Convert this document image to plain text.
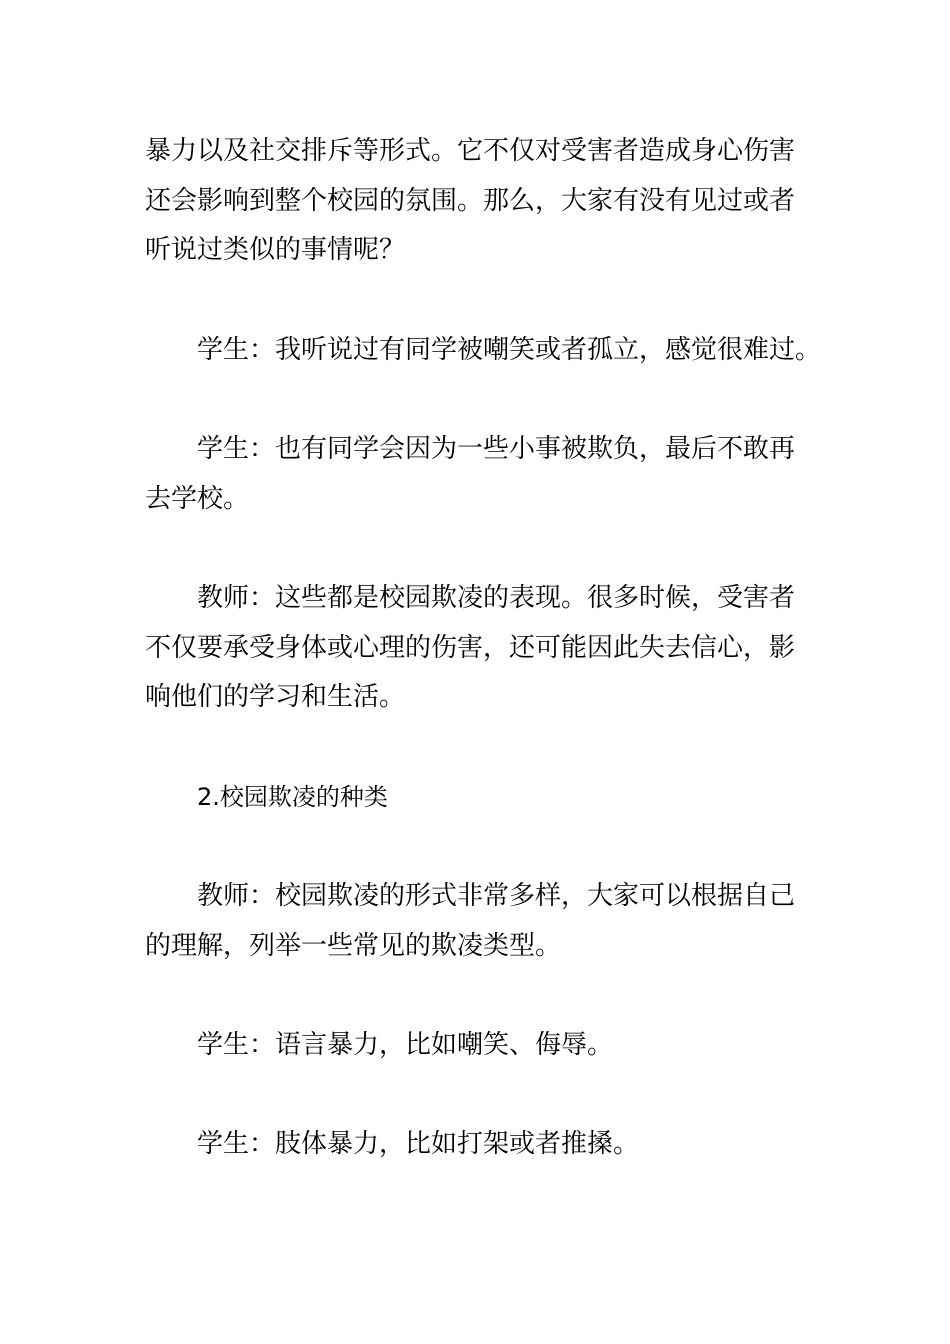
暴力以及社交排斥等形式。它不仅对受害者造成身心伤害
还会影响到整个校园的氛围。那么，大家有没有见过或者
听说过类似的事情呢？
学生：我听说过有同学被嘲笑或者孤立，感觉很难过。
学生：也有同学会因为一些小事被欺负，最后不敢再
去学校。
教师：这些都是校园欺凌的表现。很多时候，受害者
不仅要承受身体或心理的伤害，还可能因此失去信心，影
响他们的学习和生活。
2.校园欺凌的种类
教师：校园欺凌的形式非常多样，大家可以根据自己
的理解，列举一些常见的欺凌类型。
学生：语言暴力，比如嘲笑、侮辱。
学生：肢体暴力，比如打架或者推搡。
